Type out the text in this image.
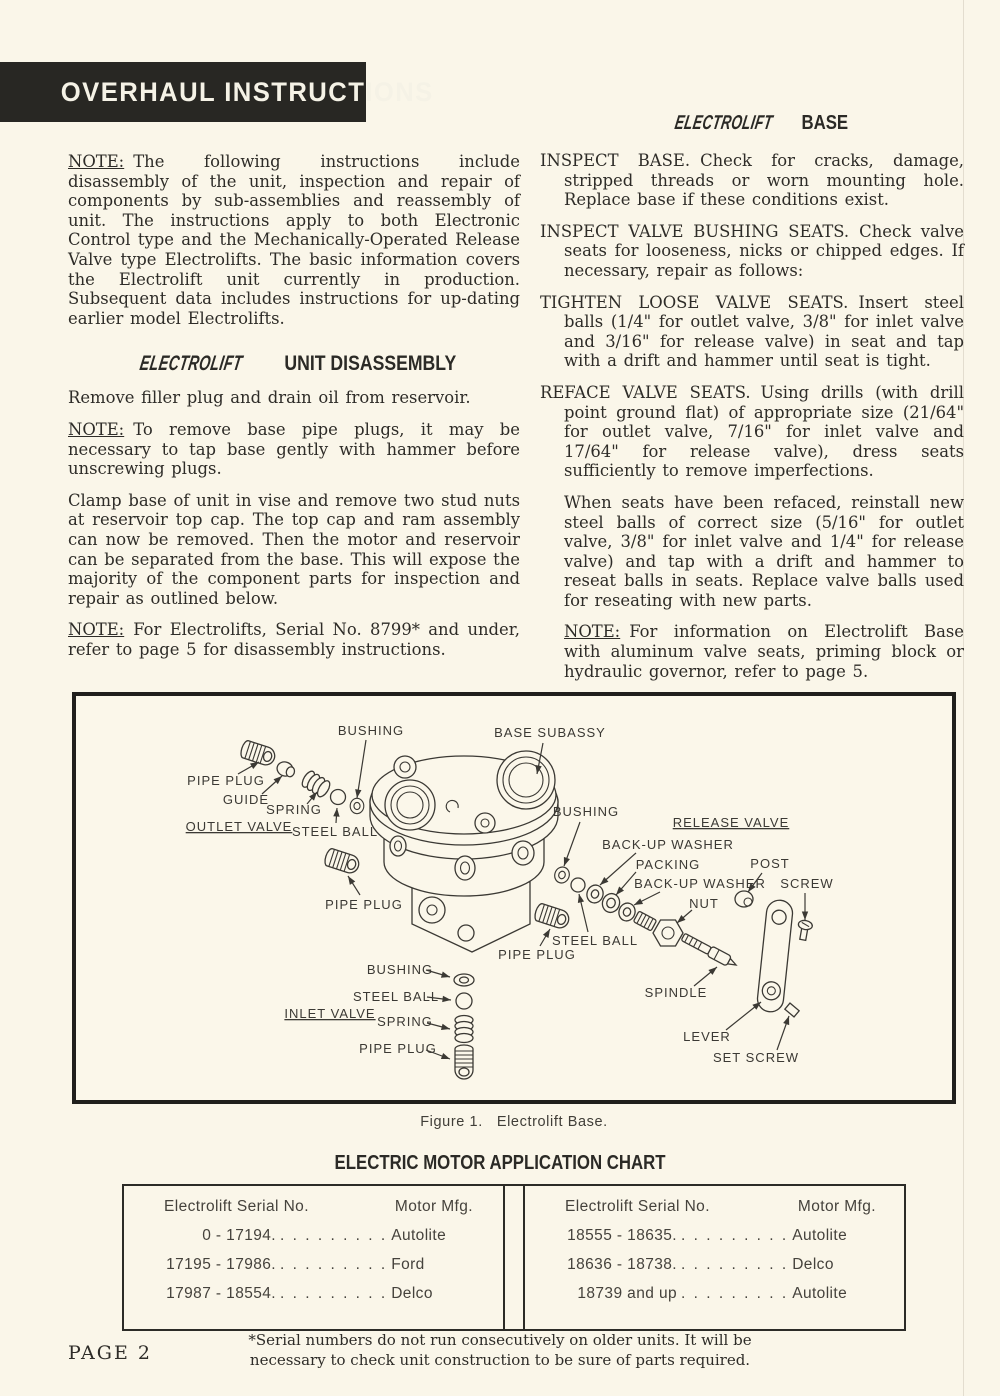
OVERHAUL INSTRUCTIONS

NOTE: The following instructions include disassembly of the unit, inspection and repair of components by sub-assemblies and reassembly of unit. The instructions apply to both Electronic Control type and the Mechanically-Operated Release Valve type Electrolifts. The basic information covers the Electrolift unit currently in production. Subsequent data includes instructions for up-dating earlier model Electrolifts.

ELECTROLIFT UNIT DISASSEMBLY

Remove filler plug and drain oil from reservoir.

NOTE: To remove base pipe plugs, it may be necessary to tap base gently with hammer before unscrewing plugs.

Clamp base of unit in vise and remove two stud nuts at reservoir top cap. The top cap and ram assembly can now be removed. Then the motor and reservoir can be separated from the base. This will expose the majority of the component parts for inspection and repair as outlined below.

NOTE: For Electrolifts, Serial No. 8799* and under, refer to page 5 for disassembly instructions.

ELECTROLIFT BASE

INSPECT BASE. Check for cracks, damage, stripped threads or worn mounting hole. Replace base if these conditions exist.

INSPECT VALVE BUSHING SEATS. Check valve seats for looseness, nicks or chipped edges. If necessary, repair as follows:

TIGHTEN LOOSE VALVE SEATS. Insert steel balls (1/4" for outlet valve, 3/8" for inlet valve and 3/16" for release valve) in seat and tap with a drift and hammer until seat is tight.

REFACE VALVE SEATS. Using drills (with drill point ground flat) of appropriate size (21/64" for outlet valve, 7/16" for inlet valve and 17/64" for release valve), dress seats sufficiently to remove imperfections.

When seats have been refaced, reinstall new steel balls of correct size (5/16" for outlet valve, 3/8" for inlet valve and 1/4" for release valve) and tap with a drift and hammer to reseat balls in seats. Replace valve balls used for reseating with new parts.

NOTE: For information on Electrolift Base with aluminum valve seats, priming block or hydraulic governor, refer to page 5.

BUSHING	BASE SUBASSY
PIPE PLUG
GUIDE
SPRING
OUTLET VALVE STEEL BALL
PIPE PLUG
BUSHING
RELEASE VALVE
BACK-UP WASHER
PACKING
BACK-UP WASHER
POST
SCREW
NUT
PIPE PLUG
STEEL BALL
SPINDLE
LEVER
SET SCREW
BUSHING
STEEL BALL
INLET VALVE
SPRING
PIPE PLUG
Figure 1. Electrolift Base.
ELECTRIC MOTOR APPLICATION CHART
Electrolift Serial No.	Motor Mfg.
0 - 17194. . . . . . . . . . Autolite
17195 - 17986. . . . . . . . . . Ford
17987 - 18554. . . . . . . . . . Delco
Electrolift Serial No.	Motor Mfg.
18555 - 18635. . . . . . . . . . Autolite
18636 - 18738. . . . . . . . . . Delco
18739 and up . . . . . . . . . Autolite
*Serial numbers do not run consecutively on older units. It will be
necessary to check unit construction to be sure of parts required.
PAGE 2
